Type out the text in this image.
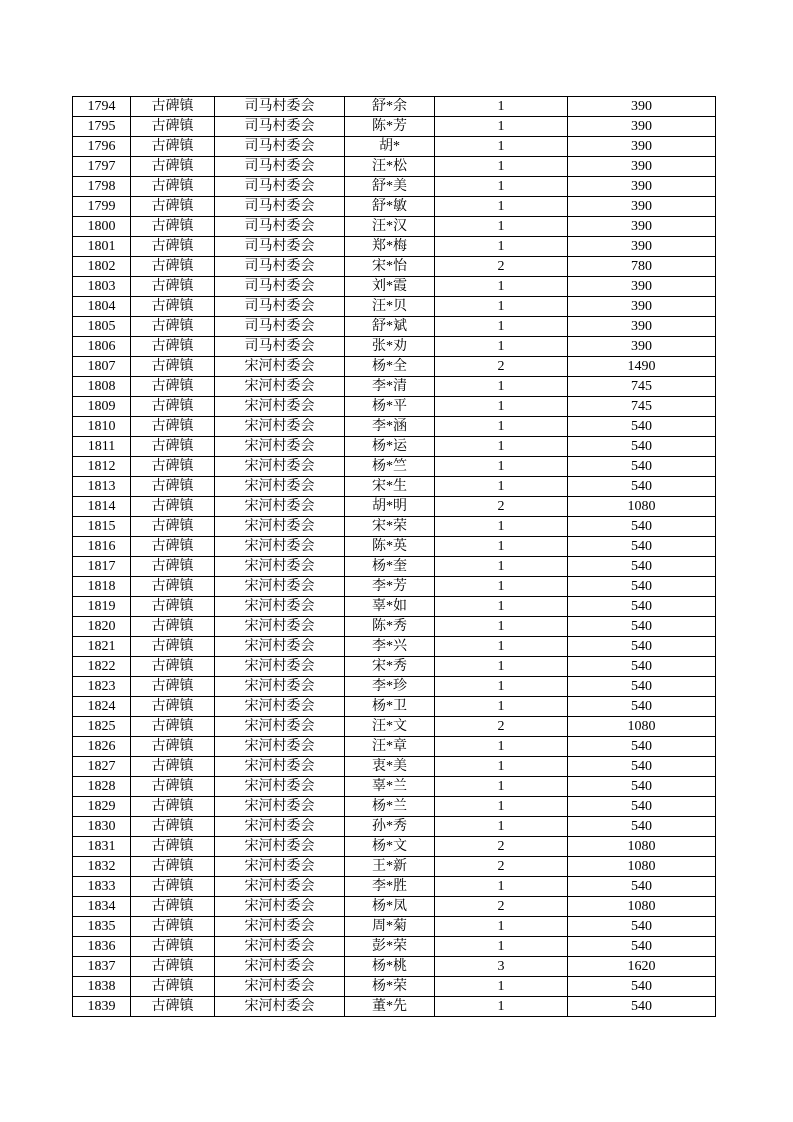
1794	古碑镇	司马村委会	舒*余	1	390
1795	古碑镇	司马村委会	陈*芳	1	390
1796	古碑镇	司马村委会	胡*	1	390
1797	古碑镇	司马村委会	汪*松	1	390
1798	古碑镇	司马村委会	舒*美	1	390
1799	古碑镇	司马村委会	舒*敏	1	390
1800	古碑镇	司马村委会	汪*汉	1	390
1801	古碑镇	司马村委会	郑*梅	1	390
1802	古碑镇	司马村委会	宋*怡	2	780
1803	古碑镇	司马村委会	刘*霞	1	390
1804	古碑镇	司马村委会	汪*贝	1	390
1805	古碑镇	司马村委会	舒*斌	1	390
1806	古碑镇	司马村委会	张*劝	1	390
1807	古碑镇	宋河村委会	杨*全	2	1490
1808	古碑镇	宋河村委会	李*清	1	745
1809	古碑镇	宋河村委会	杨*平	1	745
1810	古碑镇	宋河村委会	李*涵	1	540
1811	古碑镇	宋河村委会	杨*运	1	540
1812	古碑镇	宋河村委会	杨*竺	1	540
1813	古碑镇	宋河村委会	宋*生	1	540
1814	古碑镇	宋河村委会	胡*明	2	1080
1815	古碑镇	宋河村委会	宋*荣	1	540
1816	古碑镇	宋河村委会	陈*英	1	540
1817	古碑镇	宋河村委会	杨*奎	1	540
1818	古碑镇	宋河村委会	李*芳	1	540
1819	古碑镇	宋河村委会	辜*如	1	540
1820	古碑镇	宋河村委会	陈*秀	1	540
1821	古碑镇	宋河村委会	李*兴	1	540
1822	古碑镇	宋河村委会	宋*秀	1	540
1823	古碑镇	宋河村委会	李*珍	1	540
1824	古碑镇	宋河村委会	杨*卫	1	540
1825	古碑镇	宋河村委会	汪*文	2	1080
1826	古碑镇	宋河村委会	汪*章	1	540
1827	古碑镇	宋河村委会	衷*美	1	540
1828	古碑镇	宋河村委会	辜*兰	1	540
1829	古碑镇	宋河村委会	杨*兰	1	540
1830	古碑镇	宋河村委会	孙*秀	1	540
1831	古碑镇	宋河村委会	杨*文	2	1080
1832	古碑镇	宋河村委会	王*新	2	1080
1833	古碑镇	宋河村委会	李*胜	1	540
1834	古碑镇	宋河村委会	杨*凤	2	1080
1835	古碑镇	宋河村委会	周*菊	1	540
1836	古碑镇	宋河村委会	彭*荣	1	540
1837	古碑镇	宋河村委会	杨*桃	3	1620
1838	古碑镇	宋河村委会	杨*荣	1	540
1839	古碑镇	宋河村委会	董*先	1	540
